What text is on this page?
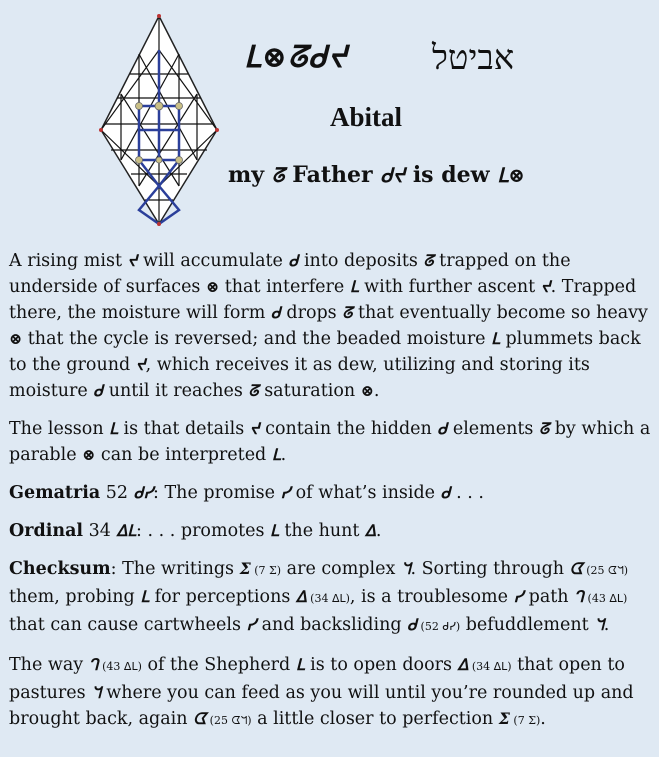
ᒪ⊗ᘔᑯᔪ אביטל
Abital
my ᘔ Father ᑯᔪ is dew ᒪ⊗

A rising mist ᔪ will accumulate ᑯ into deposits ᘔ trapped on the underside of surfaces ⊗ that interfere ᒪ with further ascent ᔪ. Trapped there, the moisture will form ᑯ drops ᘔ that eventually become so heavy ⊗ that the cycle is reversed; and the beaded moisture ᒪ plummets back to the ground ᔪ, which receives it as dew, utilizing and storing its moisture ᑯ until it reaches ᘔ saturation ⊗.

The lesson ᒪ is that details ᔪ contain the hidden ᑯ elements ᘔ by which a parable ⊗ can be interpreted ᒪ.

Gematria 52 ᑯᓯ: The promise ᓯ of what’s inside ᑯ . . .

Ordinal 34 ᐃᒪ: . . . promotes ᒪ the hunt ᐃ.

Checksum: The writings Σ (7 Σ) are complex ᖻ. Sorting through ᗧ (25 ᗧᖻ) them, probing ᒪ for perceptions ᐃ (34 ᐃᒪ), is a troublesome ᓯ path ᒉ (43 ᐃᒪ) that can cause cartwheels ᓯ and backsliding ᑯ (52 ᑯᓯ) befuddlement ᖻ.

The way ᒉ (43 ᐃᒪ) of the Shepherd ᒪ is to open doors ᐃ (34 ᐃᒪ) that open to pastures ᖻ where you can feed as you will until you’re rounded up and brought back, again ᗧ (25 ᗧᖻ) a little closer to perfection Σ (7 Σ).
